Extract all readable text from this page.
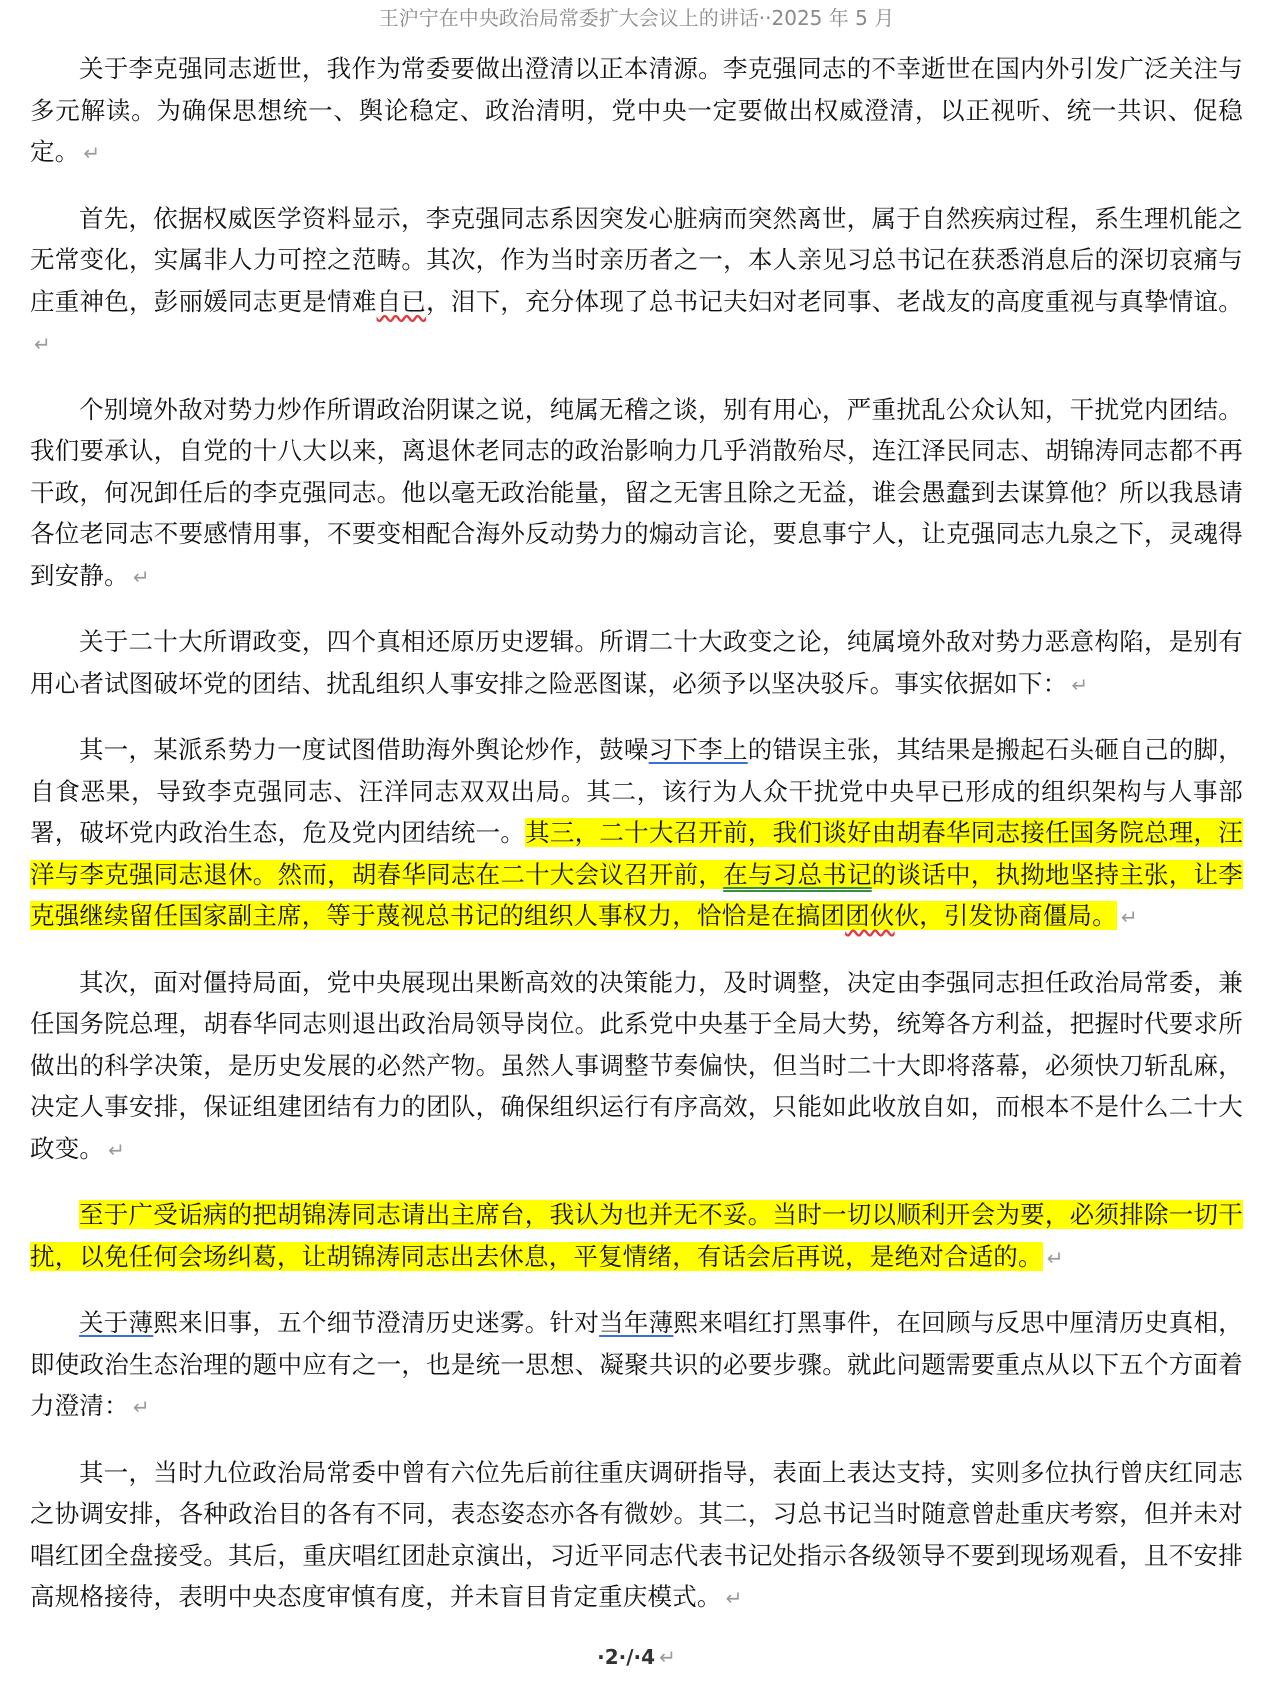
王沪宁在中央政治局常委扩大会议上的讲话··2025 年 5 月

关于李克强同志逝世，我作为常委要做出澄清以正本清源。李克强同志的不幸逝世在国内外引发广泛关注与多元解读。为确保思想统一、舆论稳定、政治清明，党中央一定要做出权威澄清，以正视听、统一共识、促稳定。 ↵

首先，依据权威医学资料显示，李克强同志系因突发心脏病而突然离世，属于自然疾病过程，系生理机能之无常变化，实属非人力可控之范畴。其次，作为当时亲历者之一，本人亲见习总书记在获悉消息后的深切哀痛与庄重神色，彭丽媛同志更是情难自已，泪下，充分体现了总书记夫妇对老同事、老战友的高度重视与真挚情谊。↵

个别境外敌对势力炒作所谓政治阴谋之说，纯属无稽之谈，别有用心，严重扰乱公众认知，干扰党内团结。我们要承认，自党的十八大以来，离退休老同志的政治影响力几乎消散殆尽，连江泽民同志、胡锦涛同志都不再干政，何况卸任后的李克强同志。他以毫无政治能量，留之无害且除之无益，谁会愚蠢到去谋算他？所以我恳请各位老同志不要感情用事，不要变相配合海外反动势力的煽动言论，要息事宁人，让克强同志九泉之下，灵魂得到安静。 ↵

关于二十大所谓政变，四个真相还原历史逻辑。所谓二十大政变之论，纯属境外敌对势力恶意构陷，是别有用心者试图破坏党的团结、扰乱组织人事安排之险恶图谋，必须予以坚决驳斥。事实依据如下： ↵

其一，某派系势力一度试图借助海外舆论炒作，鼓噪习下李上的错误主张，其结果是搬起石头砸自己的脚，自食恶果，导致李克强同志、汪洋同志双双出局。其二，该行为人众干扰党中央早已形成的组织架构与人事部署，破坏党内政治生态，危及党内团结统一。其三，二十大召开前，我们谈好由胡春华同志接任国务院总理，汪洋与李克强同志退休。然而，胡春华同志在二十大会议召开前，在与习总书记的谈话中，执拗地坚持主张，让李克强继续留任国家副主席，等于蔑视总书记的组织人事权力，恰恰是在搞团团伙伙，引发协商僵局。 ↵

其次，面对僵持局面，党中央展现出果断高效的决策能力，及时调整，决定由李强同志担任政治局常委，兼任国务院总理，胡春华同志则退出政治局领导岗位。此系党中央基于全局大势，统筹各方利益，把握时代要求所做出的科学决策，是历史发展的必然产物。虽然人事调整节奏偏快，但当时二十大即将落幕，必须快刀斩乱麻，决定人事安排，保证组建团结有力的团队，确保组织运行有序高效，只能如此收放自如，而根本不是什么二十大政变。 ↵

至于广受诟病的把胡锦涛同志请出主席台，我认为也并无不妥。当时一切以顺利开会为要，必须排除一切干扰，以免任何会场纠葛，让胡锦涛同志出去休息，平复情绪，有话会后再说，是绝对合适的。 ↵

关于薄熙来旧事，五个细节澄清历史迷雾。针对当年薄熙来唱红打黑事件，在回顾与反思中厘清历史真相，即使政治生态治理的题中应有之一，也是统一思想、凝聚共识的必要步骤。就此问题需要重点从以下五个方面着力澄清： ↵

其一，当时九位政治局常委中曾有六位先后前往重庆调研指导，表面上表达支持，实则多位执行曾庆红同志之协调安排，各种政治目的各有不同，表态姿态亦各有微妙。其二，习总书记当时随意曾赴重庆考察，但并未对唱红团全盘接受。其后，重庆唱红团赴京演出，习近平同志代表书记处指示各级领导不要到现场观看，且不安排高规格接待，表明中央态度审慎有度，并未盲目肯定重庆模式。 ↵

·2·/·4 ↵
